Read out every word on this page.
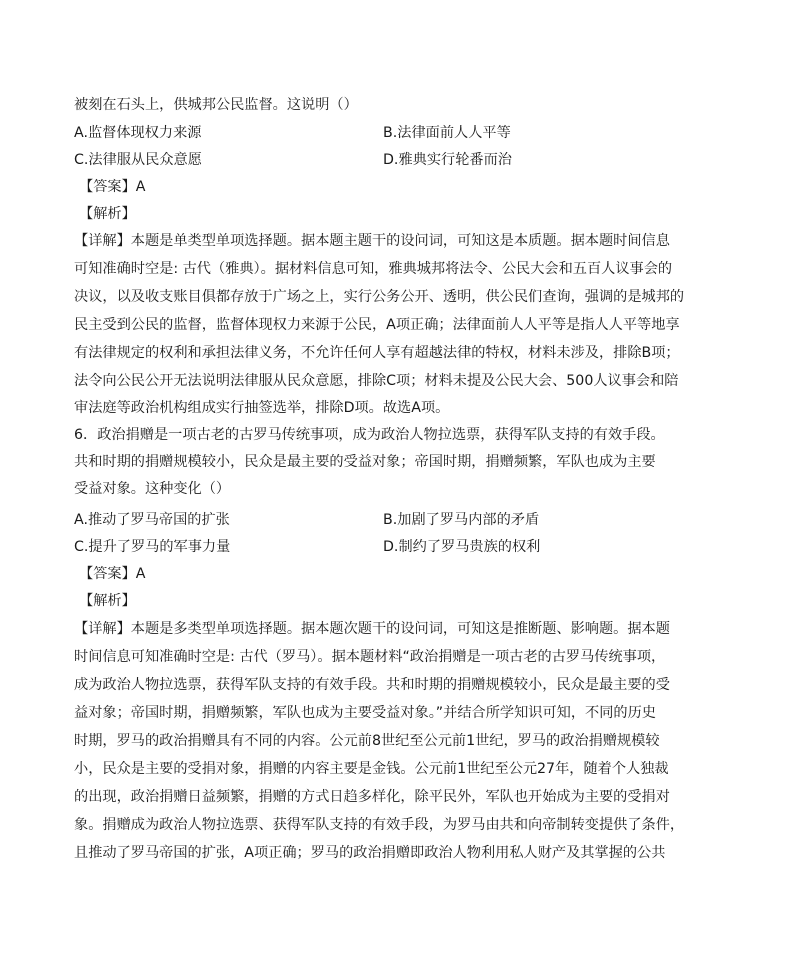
被刻在石头上，供城邦公民监督。这说明（）
A.监督体现权力来源	B.法律面前人人平等
C.法律服从民众意愿	D.雅典实行轮番而治
【答案】A
【解析】
【详解】本题是单类型单项选择题。据本题主题干的设问词，可知这是本质题。据本题时间信息
可知准确时空是: 古代（雅典）。据材料信息可知，雅典城邦将法令、公民大会和五百人议事会的
决议，以及收支账目俱都存放于广场之上，实行公务公开、透明，供公民们查询，强调的是城邦的
民主受到公民的监督，监督体现权力来源于公民，A项正确；法律面前人人平等是指人人平等地享
有法律规定的权利和承担法律义务，不允许任何人享有超越法律的特权，材料未涉及，排除B项；
法令向公民公开无法说明法律服从民众意愿，排除C项；材料未提及公民大会、500人议事会和陪
审法庭等政治机构组成实行抽签选举，排除D项。故选A项。
6．政治捐赠是一项古老的古罗马传统事项，成为政治人物拉选票，获得军队支持的有效手段。
共和时期的捐赠规模较小，民众是最主要的受益对象；帝国时期，捐赠频繁，军队也成为主要
受益对象。这种变化（）
A.推动了罗马帝国的扩张	B.加剧了罗马内部的矛盾
C.提升了罗马的军事力量	D.制约了罗马贵族的权利
【答案】A
【解析】
【详解】本题是多类型单项选择题。据本题次题干的设问词，可知这是推断题、影响题。据本题
时间信息可知准确时空是: 古代（罗马）。据本题材料“政治捐赠是一项古老的古罗马传统事项，
成为政治人物拉选票，获得军队支持的有效手段。共和时期的捐赠规模较小，民众是最主要的受
益对象；帝国时期，捐赠频繁，军队也成为主要受益对象。”并结合所学知识可知，不同的历史
时期，罗马的政治捐赠具有不同的内容。公元前8世纪至公元前1世纪，罗马的政治捐赠规模较
小，民众是主要的受捐对象，捐赠的内容主要是金钱。公元前1世纪至公元27年，随着个人独裁
的出现，政治捐赠日益频繁，捐赠的方式日趋多样化，除平民外，军队也开始成为主要的受捐对
象。捐赠成为政治人物拉选票、获得军队支持的有效手段，为罗马由共和向帝制转变提供了条件，
且推动了罗马帝国的扩张，A项正确；罗马的政治捐赠即政治人物利用私人财产及其掌握的公共
